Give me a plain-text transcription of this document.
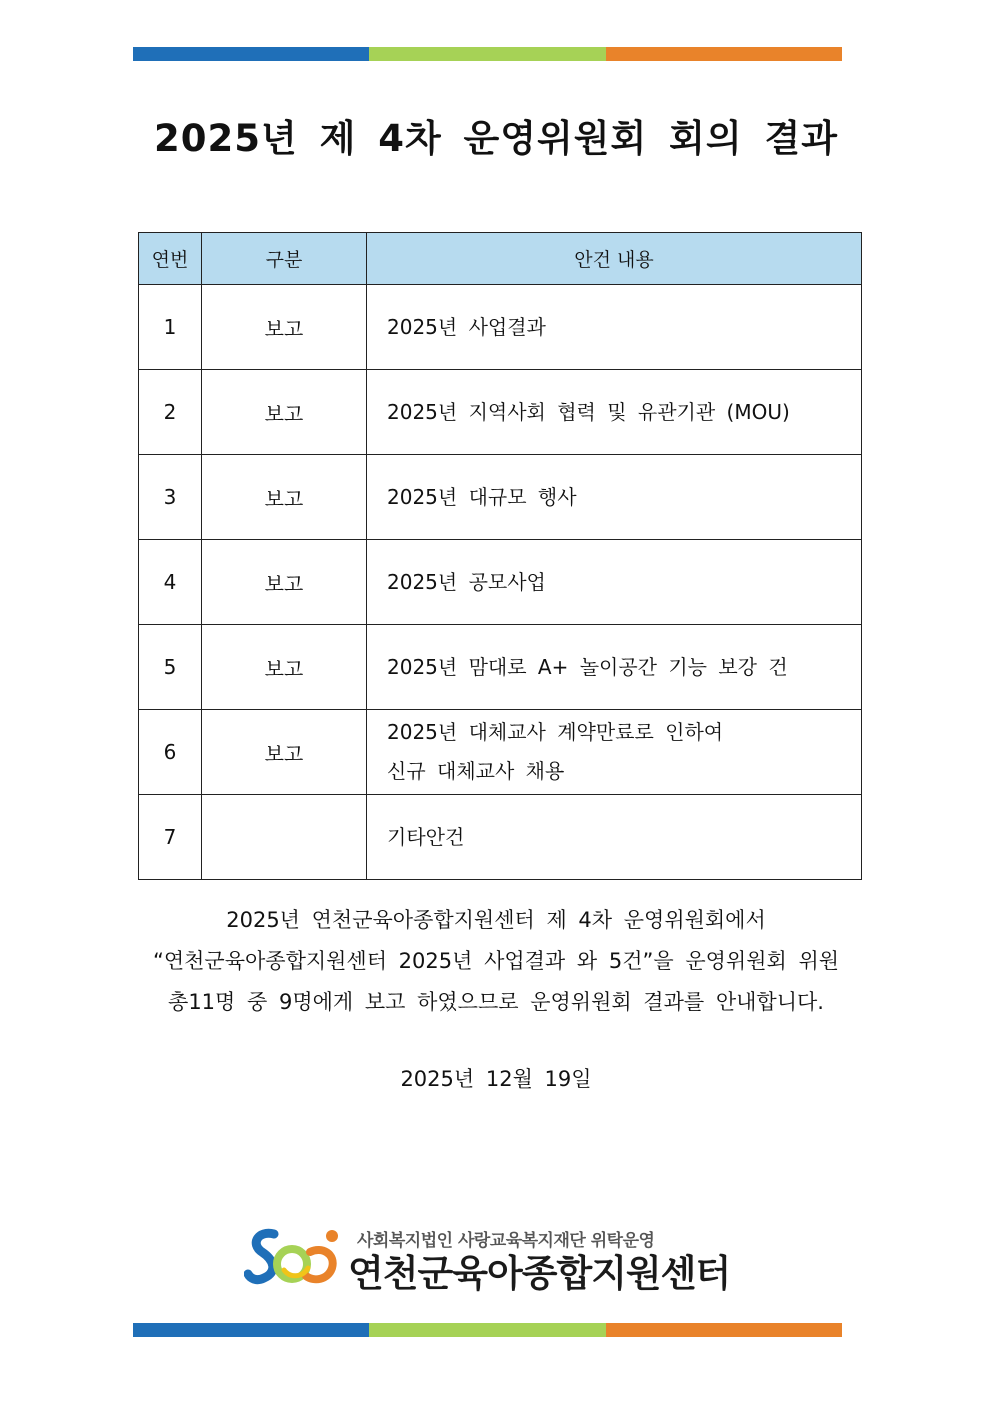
2025년 제 4차 운영위원회 회의 결과
연번	구분	안건 내용
1	보고	2025년 사업결과
2	보고	2025년 지역사회 협력 및 유관기관 (MOU)
3	보고	2025년 대규모 행사
4	보고	2025년 공모사업
5	보고	2025년 맘대로 A+ 놀이공간 기능 보강 건
6	보고	2025년 대체교사 계약만료로 인하여
신규 대체교사 채용
7		기타안건
2025년 연천군육아종합지원센터 제 4차 운영위원회에서
“연천군육아종합지원센터 2025년 사업결과 와 5건”을 운영위원회 위원
총11명 중 9명에게 보고 하였으므로 운영위원회 결과를 안내합니다.
2025년 12월 19일
사회복지법인 사랑교육복지재단 위탁운영
연천군육아종합지원센터
